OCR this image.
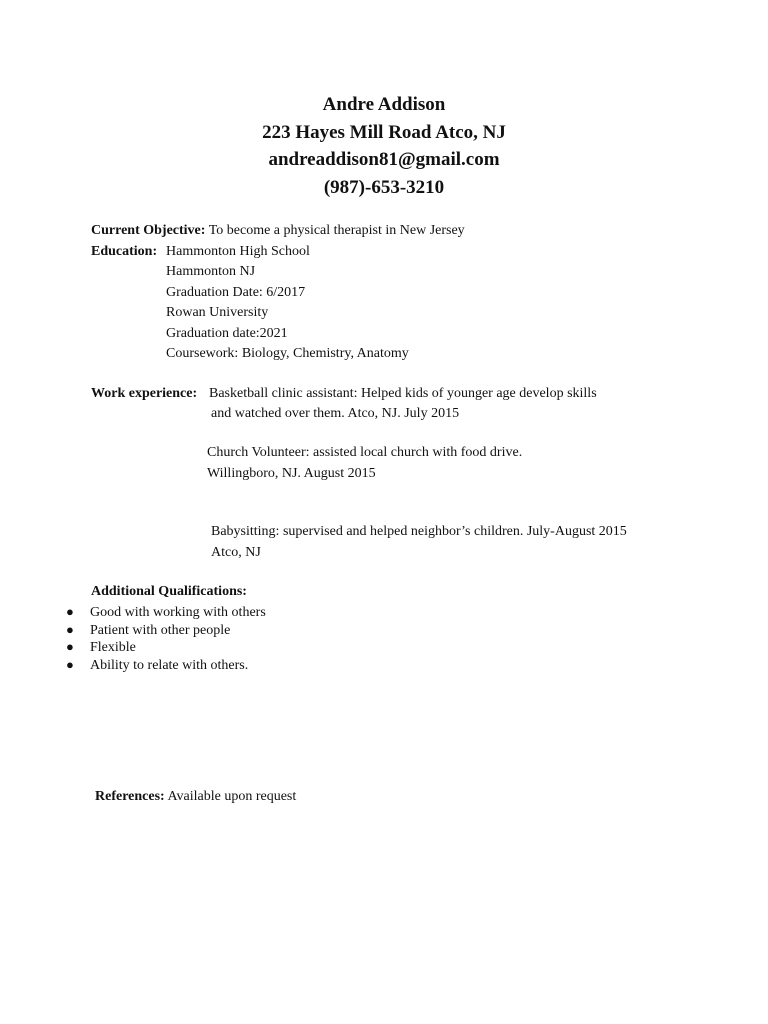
Andre Addison
223 Hayes Mill Road Atco, NJ
andreaddison81@gmail.com
(987)-653-3210
Current Objective: To become a physical therapist in New Jersey
Education: Hammonton High School
Hammonton NJ
Graduation Date: 6/2017
Rowan University
Graduation date:2021
Coursework: Biology, Chemistry, Anatomy
Work experience: Basketball clinic assistant: Helped kids of younger age develop skills
and watched over them. Atco, NJ. July 2015
Church Volunteer: assisted local church with food drive.
Willingboro, NJ. August 2015
Babysitting: supervised and helped neighbor’s children. July-August 2015
Atco, NJ
Additional Qualifications:
● Good with working with others
● Patient with other people
● Flexible
● Ability to relate with others.
References: Available upon request
